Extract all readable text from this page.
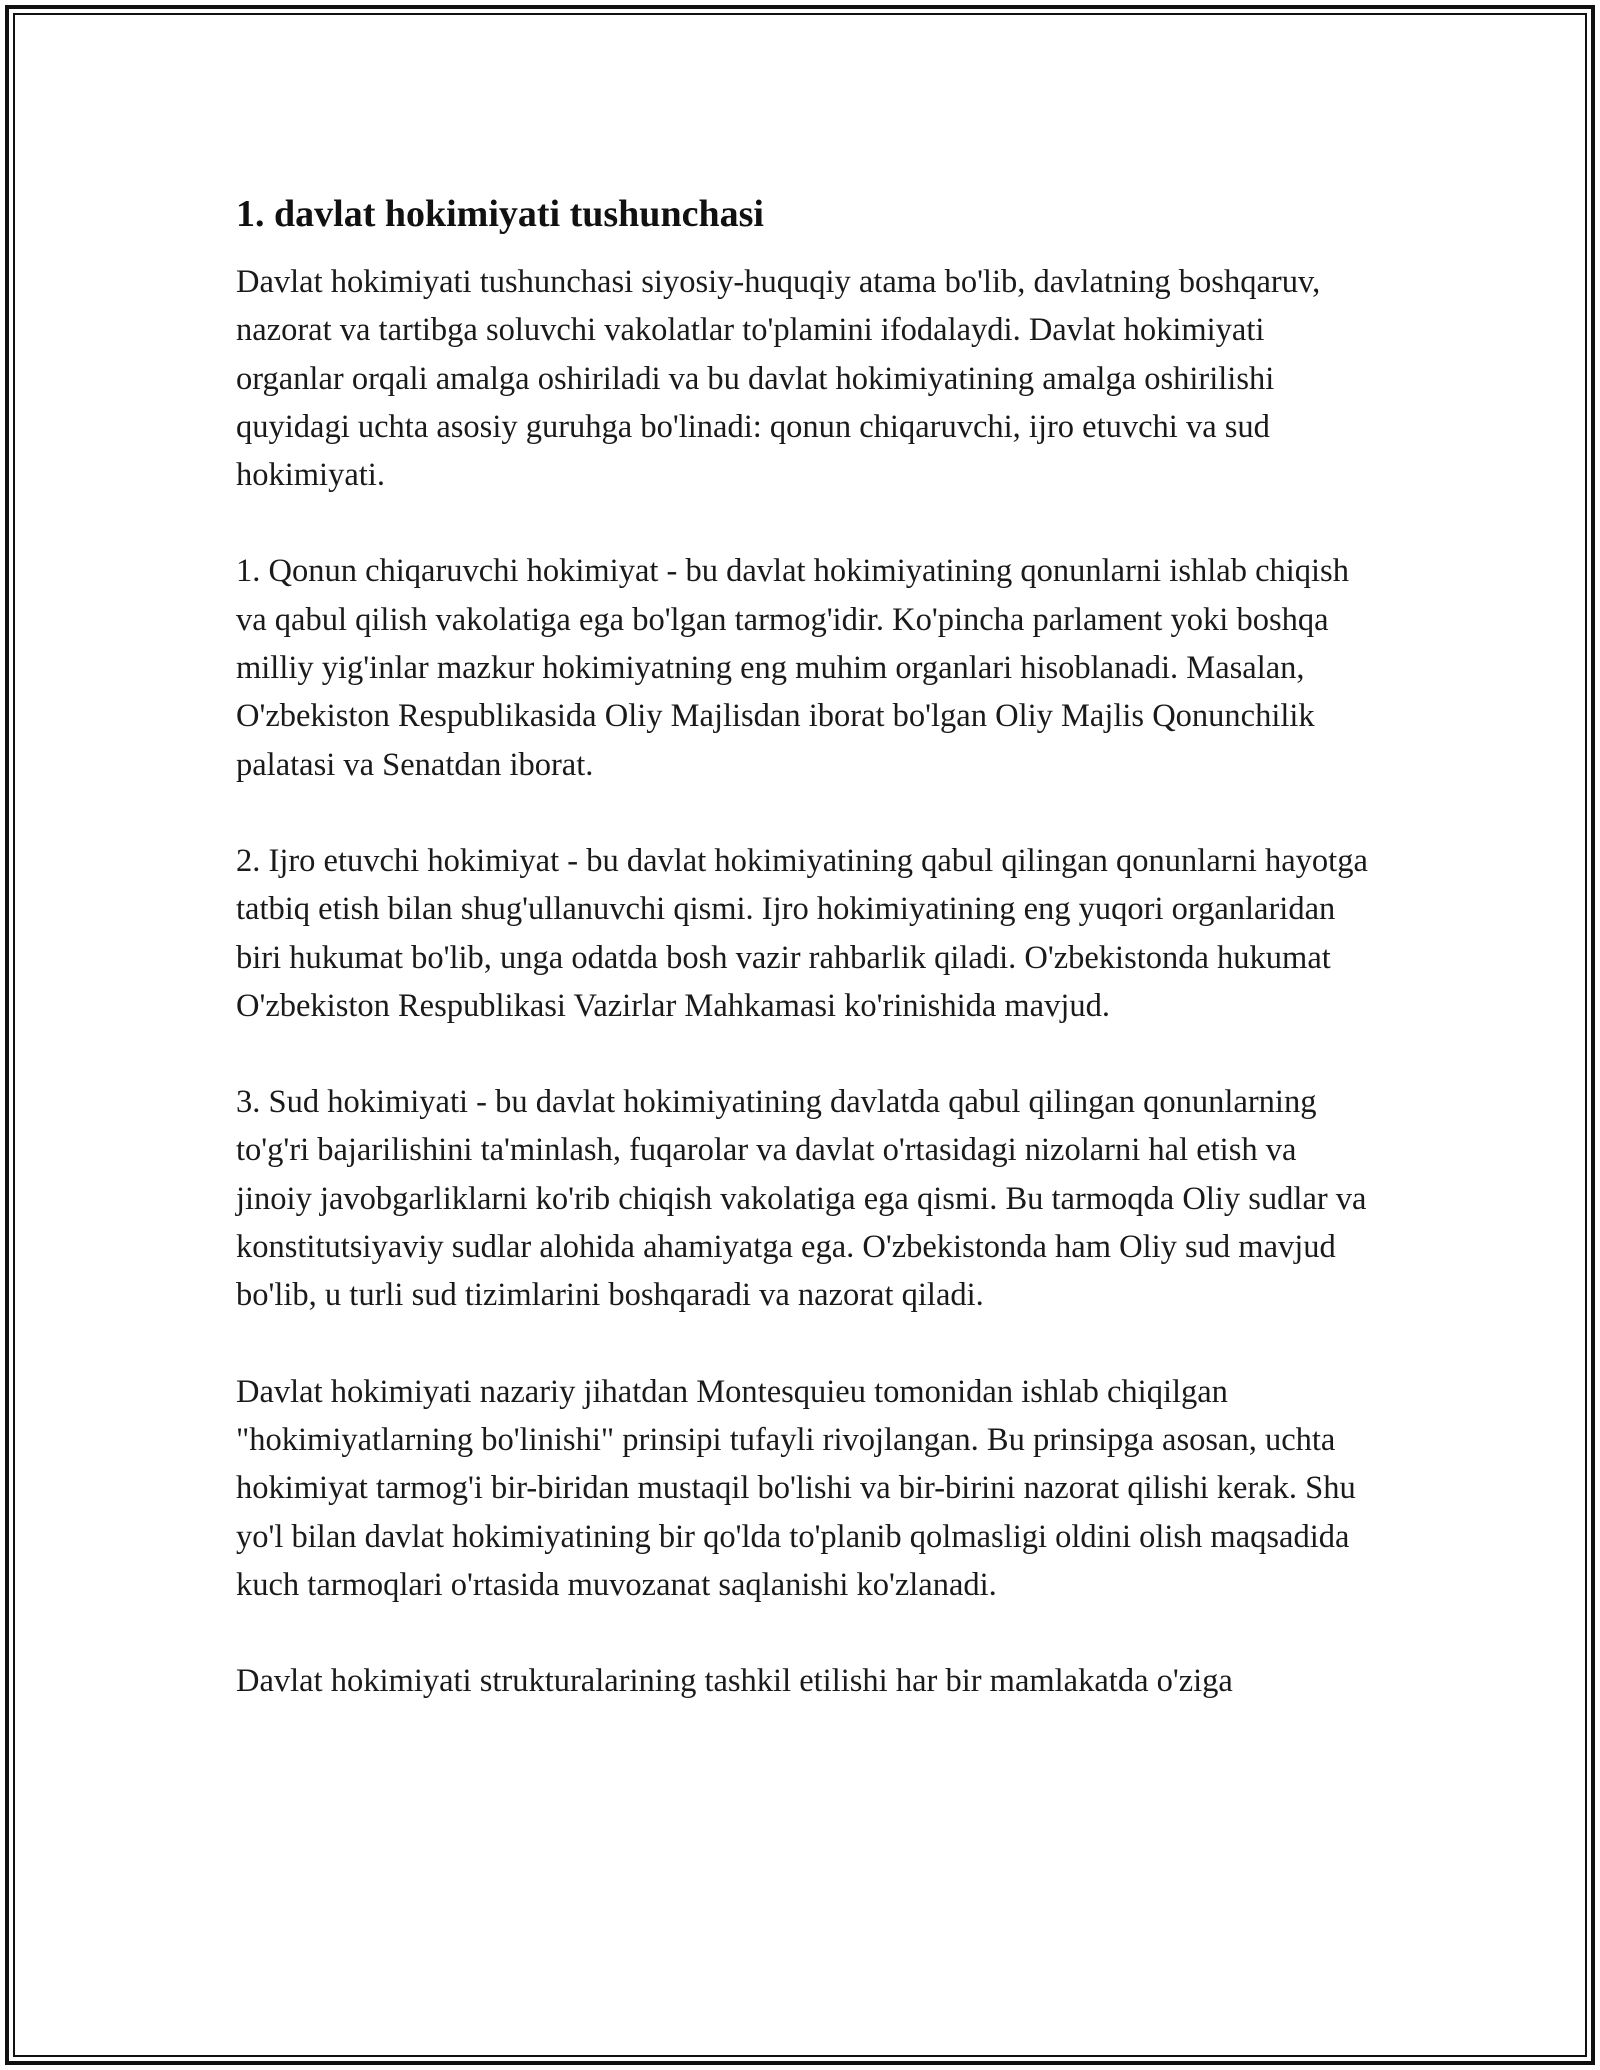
1. davlat hokimiyati tushunchasi

Davlat hokimiyati tushunchasi siyosiy-huquqiy atama bo'lib, davlatning boshqaruv, nazorat va tartibga soluvchi vakolatlar to'plamini ifodalaydi. Davlat hokimiyati organlar orqali amalga oshiriladi va bu davlat hokimiyatining amalga oshirilishi quyidagi uchta asosiy guruhga bo'linadi: qonun chiqaruvchi, ijro etuvchi va sud hokimiyati.

1. Qonun chiqaruvchi hokimiyat - bu davlat hokimiyatining qonunlarni ishlab chiqish va qabul qilish vakolatiga ega bo'lgan tarmog'idir. Ko'pincha parlament yoki boshqa milliy yig'inlar mazkur hokimiyatning eng muhim organlari hisoblanadi. Masalan, O'zbekiston Respublikasida Oliy Majlisdan iborat bo'lgan Oliy Majlis Qonunchilik palatasi va Senatdan iborat.

2. Ijro etuvchi hokimiyat - bu davlat hokimiyatining qabul qilingan qonunlarni hayotga tatbiq etish bilan shug'ullanuvchi qismi. Ijro hokimiyatining eng yuqori organlaridan biri hukumat bo'lib, unga odatda bosh vazir rahbarlik qiladi. O'zbekistonda hukumat O'zbekiston Respublikasi Vazirlar Mahkamasi ko'rinishida mavjud.

3. Sud hokimiyati - bu davlat hokimiyatining davlatda qabul qilingan qonunlarning to'g'ri bajarilishini ta'minlash, fuqarolar va davlat o'rtasidagi nizolarni hal etish va jinoiy javobgarliklarni ko'rib chiqish vakolatiga ega qismi. Bu tarmoqda Oliy sudlar va konstitutsiyaviy sudlar alohida ahamiyatga ega. O'zbekistonda ham Oliy sud mavjud bo'lib, u turli sud tizimlarini boshqaradi va nazorat qiladi.

Davlat hokimiyati nazariy jihatdan Montesquieu tomonidan ishlab chiqilgan "hokimiyatlarning bo'linishi" prinsipi tufayli rivojlangan. Bu prinsipga asosan, uchta hokimiyat tarmog'i bir-biridan mustaqil bo'lishi va bir-birini nazorat qilishi kerak. Shu yo'l bilan davlat hokimiyatining bir qo'lda to'planib qolmasligi oldini olish maqsadida kuch tarmoqlari o'rtasida muvozanat saqlanishi ko'zlanadi.

Davlat hokimiyati strukturalarining tashkil etilishi har bir mamlakatda o'ziga
